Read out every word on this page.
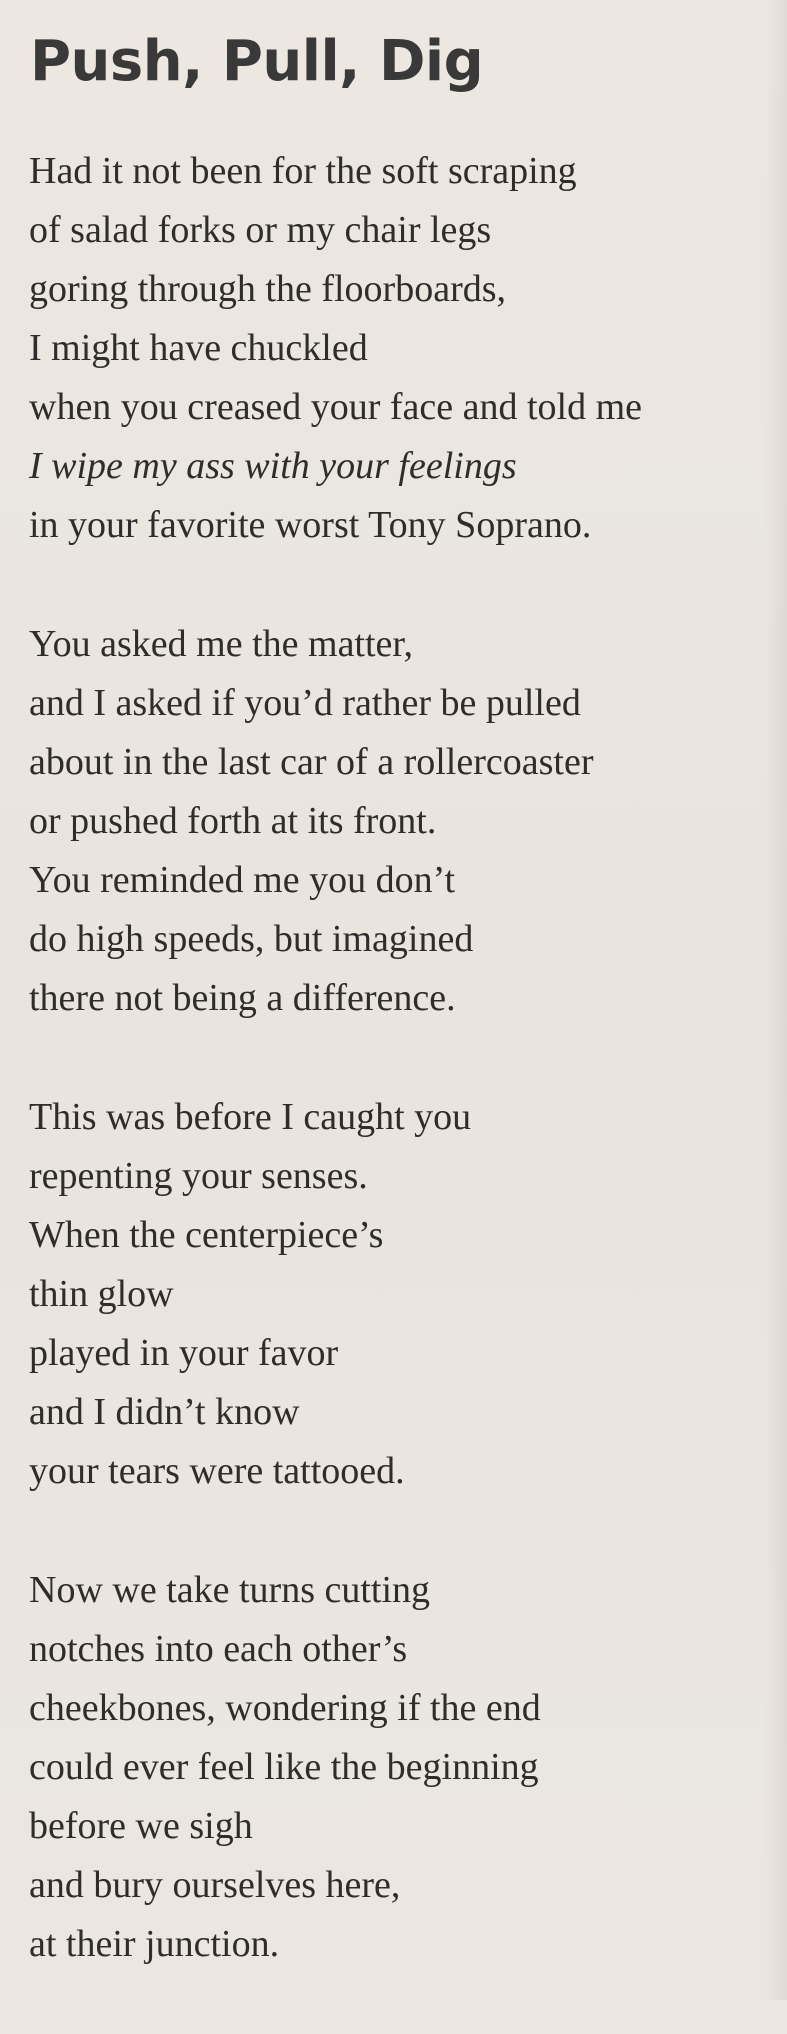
Push, Pull, Dig
Had it not been for the soft scraping
of salad forks or my chair legs
goring through the floorboards,
I might have chuckled
when you creased your face and told me
I wipe my ass with your feelings
in your favorite worst Tony Soprano.
You asked me the matter,
and I asked if you’d rather be pulled
about in the last car of a rollercoaster
or pushed forth at its front.
You reminded me you don’t
do high speeds, but imagined
there not being a difference.
This was before I caught you
repenting your senses.
When the centerpiece’s
thin glow
played in your favor
and I didn’t know
your tears were tattooed.
Now we take turns cutting
notches into each other’s
cheekbones, wondering if the end
could ever feel like the beginning
before we sigh
and bury ourselves here,
at their junction.
